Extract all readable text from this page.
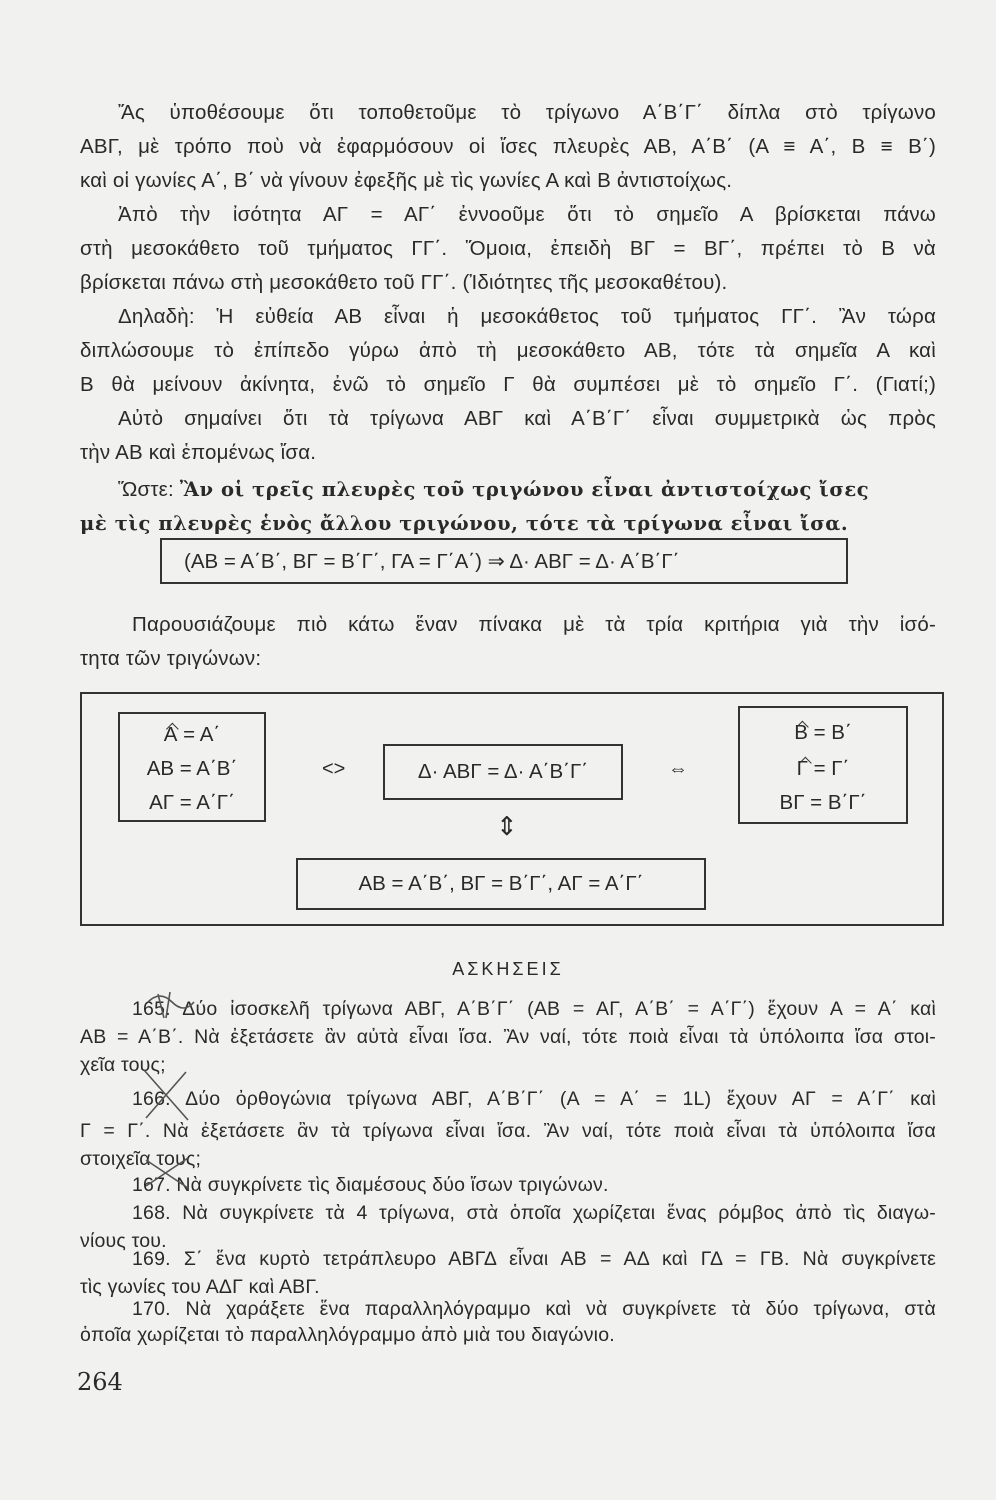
Ἄς ὑποθέσουμε ὅτι τοποθετοῦμε τὸ τρίγωνο Α΄Β΄Γ΄ δίπλα στὸ τρίγωνο
ΑΒΓ, μὲ τρόπο ποὺ νὰ ἐφαρμόσουν οἱ ἴσες πλευρὲς ΑΒ, Α΄Β΄ (Α ≡ Α΄, Β ≡ Β΄)
καὶ οἱ γωνίες Α΄, Β΄ νὰ γίνουν ἐφεξῆς μὲ τὶς γωνίες Α καὶ Β ἀντιστοίχως.
Ἀπὸ τὴν ἰσότητα ΑΓ = ΑΓ΄ ἐννοοῦμε ὅτι τὸ σημεῖο Α βρίσκεται πάνω
στὴ μεσοκάθετο τοῦ τμήματος ΓΓ΄. Ὅμοια, ἐπειδὴ ΒΓ = ΒΓ΄, πρέπει τὸ Β νὰ
βρίσκεται πάνω στὴ μεσοκάθετο τοῦ ΓΓ΄. (Ἰδιότητες τῆς μεσοκαθέτου).
Δηλαδὴ: Ἡ εὐθεία ΑΒ εἶναι ἡ μεσοκάθετος τοῦ τμήματος ΓΓ΄. Ἂν τώρα
διπλώσουμε τὸ ἐπίπεδο γύρω ἀπὸ τὴ μεσοκάθετο ΑΒ, τότε τὰ σημεῖα Α καὶ
Β θὰ μείνουν ἀκίνητα, ἐνῶ τὸ σημεῖο Γ θὰ συμπέσει μὲ τὸ σημεῖο Γ΄. (Γιατί;)
Αὐτὸ σημαίνει ὅτι τὰ τρίγωνα ΑΒΓ καὶ Α΄Β΄Γ΄ εἶναι συμμετρικὰ ὡς πρὸς
τὴν ΑΒ καὶ ἑπομένως ἴσα.
Ὥστε: Ἂν οἱ τρεῖς πλευρὲς τοῦ τριγώνου εἶναι ἀντιστοίχως ἴσες
μὲ τὶς πλευρὲς ἑνὸς ἄλλου τριγώνου, τότε τὰ τρίγωνα εἶναι ἴσα.
(ΑΒ = Α΄Β΄, ΒΓ = Β΄Γ΄, ΓΑ = Γ΄Α΄) ⇒ Δ· ΑΒΓ = Δ· Α΄Β΄Γ΄
Παρουσιάζουμε πιὸ κάτω ἕναν πίνακα μὲ τὰ τρία κριτήρια γιὰ τὴν ἰσό-
τητα τῶν τριγώνων:
Α = Α΄
ΑΒ = Α΄Β΄
ΑΓ = Α΄Γ΄
<>	Δ· ΑΒΓ = Δ· Α΄Β΄Γ΄	⇔
Β = Β΄
Γ = Γ΄
ΒΓ = Β΄Γ΄
⇕
ΑΒ = Α΄Β΄, ΒΓ = Β΄Γ΄, ΑΓ = Α΄Γ΄
ΑΣΚΗΣΕΙΣ
165. Δύο ἰσοσκελῆ τρίγωνα ΑΒΓ, Α΄Β΄Γ΄ (ΑΒ = ΑΓ, Α΄Β΄ = Α΄Γ΄) ἔχουν Α = Α΄ καὶ
ΑΒ = Α΄Β΄. Νὰ ἐξετάσετε ἂν αὐτὰ εἶναι ἴσα. Ἂν ναί, τότε ποιὰ εἶναι τὰ ὑπόλοιπα ἴσα στοι-
χεῖα τους;
166. Δύο ὀρθογώνια τρίγωνα ΑΒΓ, Α΄Β΄Γ΄ (Α = Α΄ = 1L) ἔχουν ΑΓ = Α΄Γ΄ καὶ
Γ = Γ΄. Νὰ ἐξετάσετε ἂν τὰ τρίγωνα εἶναι ἴσα. Ἂν ναί, τότε ποιὰ εἶναι τὰ ὑπόλοιπα ἴσα
στοιχεῖα τους;
167. Νὰ συγκρίνετε τὶς διαμέσους δύο ἴσων τριγώνων.
168. Νὰ συγκρίνετε τὰ 4 τρίγωνα, στὰ ὁποῖα χωρίζεται ἕνας ρόμβος ἀπὸ τὶς διαγω-
νίους του.
169. Σ΄ ἕνα κυρτὸ τετράπλευρο ΑΒΓΔ εἶναι ΑΒ = ΑΔ καὶ ΓΔ = ΓΒ. Νὰ συγκρίνετε
τὶς γωνίες του ΑΔΓ καὶ ΑΒΓ.
170. Νὰ χαράξετε ἕνα παραλληλόγραμμο καὶ νὰ συγκρίνετε τὰ δύο τρίγωνα, στὰ
ὁποῖα χωρίζεται τὸ παραλληλόγραμμο ἀπὸ μιὰ του διαγώνιο.
264
